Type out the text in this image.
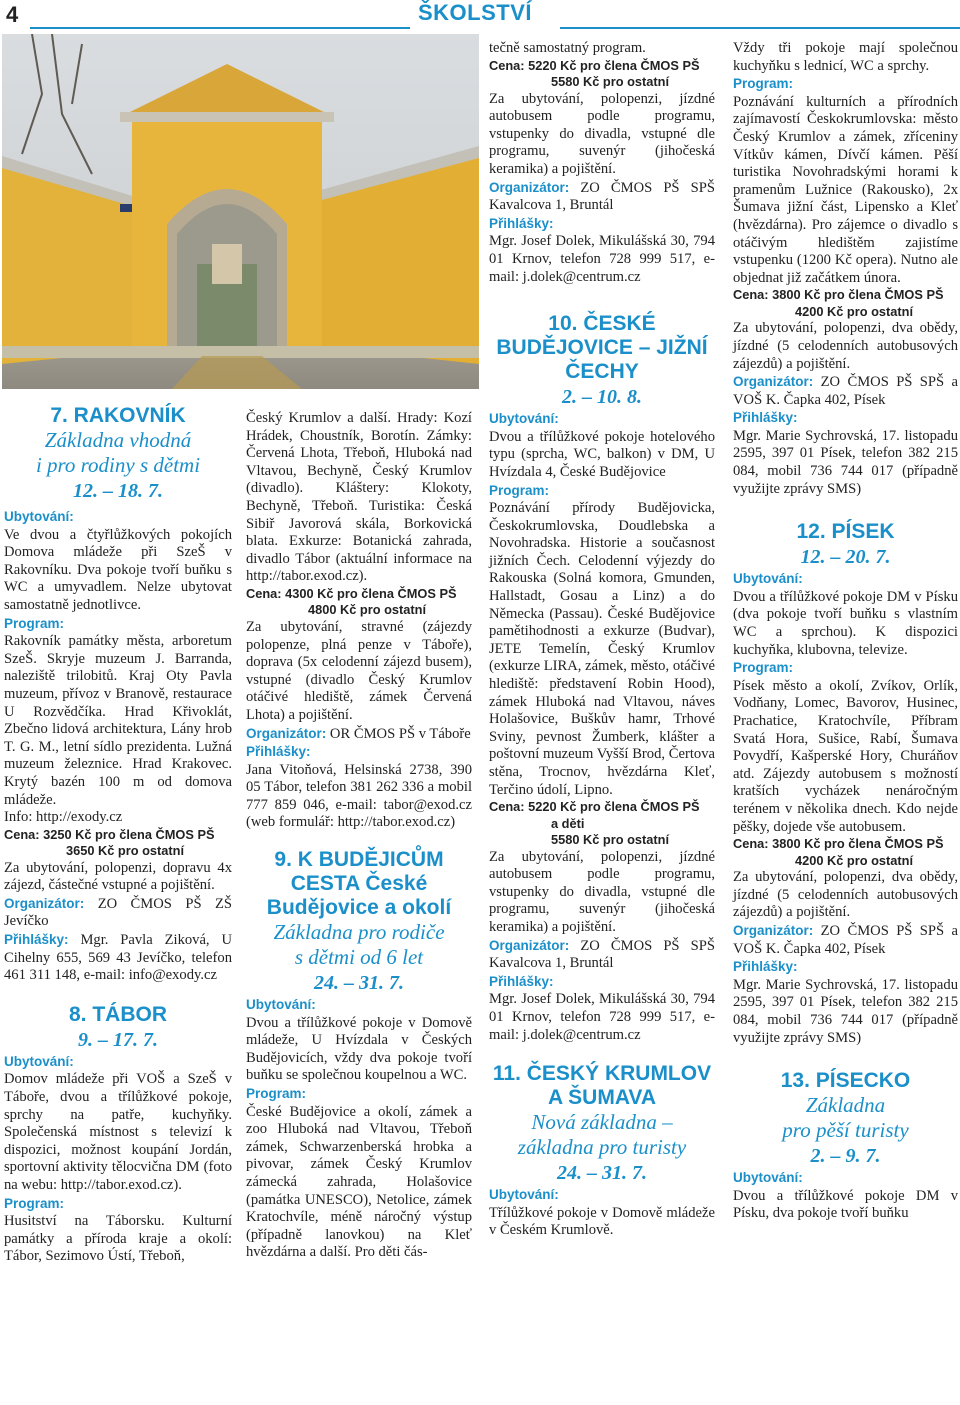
4	ŠKOLSTVÍ

7. RAKOVNÍK

Základna vhodná

i pro rodiny s dětmi

12. – 18. 7.

Ubytování:

Ve dvou a čtyřlůžkových pokojích Domova mládeže při SzeŠ v Rakovníku. Dva pokoje tvoří buňku s WC a umyvadlem. Nelze ubytovat samostatně jednotlivce.

Program:

Rakovník památky města, arboretum SzeŠ. Skryje muzeum J. Barranda, naleziště trilobitů. Kraj Oty Pavla muzeum, přívoz v Branově, restaurace U Rozvědčíka. Hrad Křivoklát, Zbečno lidová architektura, Lány hrob T. G. M., letní sídlo prezidenta. Lužná muzeum železnice. Hrad Krakovec. Krytý bazén 100 m od domova mládeže.

Info: http://exody.cz

Cena: 3250 Kč pro člena ČMOS PŠ

3650 Kč pro ostatní

Za ubytování, polopenzi, dopravu 4x zájezd, částečné vstupné a pojištění.

Organizátor: ZO ČMOS PŠ ZŠ Jevíčko

Přihlášky: Mgr. Pavla Ziková, U Cihelny 655, 569 43 Jevíčko, telefon 461 311 148, e-mail: info@exody.cz

8. TÁBOR

9. – 17. 7.

Ubytování:

Domov mládeže při VOŠ a SzeŠ v Táboře, dvou a třílůžkové pokoje, sprchy na patře, kuchyňky. Společenská místnost s televizí k dispozici, možnost koupání Jordán, sportovní aktivity tělocvična DM (foto na webu: http://tabor.exod.cz).

Program:

Husitství na Táborsku. Kulturní památky a příroda kraje a okolí: Tábor, Sezimovo Ústí, Třeboň,

Český Krumlov a další. Hrady: Kozí Hrádek, Choustník, Borotín. Zámky: Červená Lhota, Třeboň, Hluboká nad Vltavou, Bechyně, Český Krumlov (divadlo). Kláštery: Klokoty, Bechyně, Třeboň. Turistika: Česká Sibiř Javorová skála, Borkovická blata. Exkurze: Botanická zahrada, divadlo Tábor (aktuální informace na http://tabor.exod.cz).

Cena: 4300 Kč pro člena ČMOS PŠ

4800 Kč pro ostatní

Za ubytování, stravné (zájezdy polopenze, plná penze v Táboře), doprava (5x celodenní zájezd busem), vstupné (divadlo Český Krumlov otáčivé hlediště, zámek Červená Lhota) a pojištění.

Organizátor: OR ČMOS PŠ v Táboře

Přihlášky:

Jana Vitoňová, Helsinská 2738, 390 05 Tábor, telefon 381 262 336 a mobil 777 859 046, e-mail: tabor@exod.cz (web formulář: http://tabor.exod.cz)

9. K BUDĚJICŮM CESTA České Budějovice a okolí

Základna pro rodiče

s dětmi od 6 let

24. – 31. 7.

Ubytování:

Dvou a třílůžkové pokoje v Domově mládeže, U Hvízdala v Českých Budějovicích, vždy dva pokoje tvoří buňku se společnou koupelnou a WC.

Program:

České Budějovice a okolí, zámek a zoo Hluboká nad Vltavou, Třeboň zámek, Schwarzenberská hrobka a pivovar, zámek Český Krumlov zámecká zahrada, Holašovice (památka UNESCO), Netolice, zámek Kratochvíle, méně náročný výstup (případně lanovkou) na Kleť hvězdárna a další. Pro děti čás-

tečně samostatný program.

Cena: 5220 Kč pro člena ČMOS PŠ

5580 Kč pro ostatní

Za ubytování, polopenzi, jízdné autobusem podle programu, vstupenky do divadla, vstupné dle programu, suvenýr (jihočeská keramika) a pojištění.

Organizátor: ZO ČMOS PŠ SPŠ Kavalcova 1, Bruntál

Přihlášky:

Mgr. Josef Dolek, Mikulášská 30, 794 01 Krnov, telefon 728 999 517, e-mail: j.dolek@centrum.cz

10. ČESKÉ BUDĚJOVICE – JIŽNÍ ČECHY

2. – 10. 8.

Ubytování:

Dvou a třílůžkové pokoje hotelového typu (sprcha, WC, balkon) v DM, U Hvízdala 4, České Budějovice

Program:

Poznávání přírody Budějovicka, Českokrumlovska, Doudlebska a Novohradska. Historie a současnost jižních Čech. Celodenní výjezdy do Rakouska (Solná komora, Gmunden, Hallstadt, Gosau a Linz) a do Německa (Passau). České Budějovice pamětihodnosti a exkurze (Budvar), JETE Temelín, Český Krumlov (exkurze LIRA, zámek, město, otáčivé hlediště: představení Robin Hood), zámek Hluboká nad Vltavou, náves Holašovice, Buškův hamr, Trhové Sviny, pevnost Žumberk, klášter a poštovní muzeum Vyšší Brod, Čertova stěna, Trocnov, hvězdárna Kleť, Terčino údolí, Lipno.

Cena: 5220 Kč pro člena ČMOS PŠ

a děti

5580 Kč pro ostatní

Za ubytování, polopenzi, jízdné autobusem podle programu, vstupenky do divadla, vstupné dle programu, suvenýr (jihočeská keramika) a pojištění.

Organizátor: ZO ČMOS PŠ SPŠ Kavalcova 1, Bruntál

Přihlášky:

Mgr. Josef Dolek, Mikulášská 30, 794 01 Krnov, telefon 728 999 517, e-mail: j.dolek@centrum.cz

11. ČESKÝ KRUMLOV A ŠUMAVA

Nová základna –

základna pro turisty

24. – 31. 7.

Ubytování:

Třílůžkové pokoje v Domově mládeže v Českém Krumlově.

Vždy tři pokoje mají společnou kuchyňku s lednicí, WC a sprchy.

Program:

Poznávání kulturních a přírodních zajímavostí Českokrumlovska: město Český Krumlov a zámek, zříceniny Vítkův kámen, Dívčí kámen. Pěší turistika Novohradskými horami k pramenům Lužnice (Rakousko), 2x Šumava jižní část, Lipensko a Kleť (hvězdárna). Pro zájemce o divadlo s otáčivým hledištěm zajistíme vstupenku (1200 Kč opera). Nutno ale objednat již začátkem února.

Cena: 3800 Kč pro člena ČMOS PŠ

4200 Kč pro ostatní

Za ubytování, polopenzi, dva obědy, jízdné (5 celodenních autobusových zájezdů) a pojištění.

Organizátor: ZO ČMOS PŠ SPŠ a VOŠ K. Čapka 402, Písek

Přihlášky:

Mgr. Marie Sychrovská, 17. listopadu 2595, 397 01 Písek, telefon 382 215 084, mobil 736 744 017 (případně využijte zprávy SMS)

12. PÍSEK

12. – 20. 7.

Ubytování:

Dvou a třílůžkové pokoje DM v Písku (dva pokoje tvoří buňku s vlastním WC a sprchou). K dispozici kuchyňka, klubovna, televize.

Program:

Písek město a okolí, Zvíkov, Orlík, Vodňany, Lomec, Bavorov, Husinec, Prachatice, Kratochvíle, Příbram Svatá Hora, Sušice, Rabí, Šumava Povydří, Kašperské Hory, Churáňov atd. Zájezdy autobusem s možností kratších vycházek nenáročným terénem v několika dnech. Kdo nejde pěšky, dojede vše autobusem.

Cena: 3800 Kč pro člena ČMOS PŠ

4200 Kč pro ostatní

Za ubytování, polopenzi, dva obědy, jízdné (5 celodenních autobusových zájezdů) a pojištění.

Organizátor: ZO ČMOS PŠ SPŠ a VOŠ K. Čapka 402, Písek

Přihlášky:

Mgr. Marie Sychrovská, 17. listopadu 2595, 397 01 Písek, telefon 382 215 084, mobil 736 744 017 (případně využijte zprávy SMS)

13. PÍSECKO

Základna

pro pěší turisty

2. – 9. 7.

Ubytování:

Dvou a třílůžkové pokoje DM v Písku, dva pokoje tvoří buňku
